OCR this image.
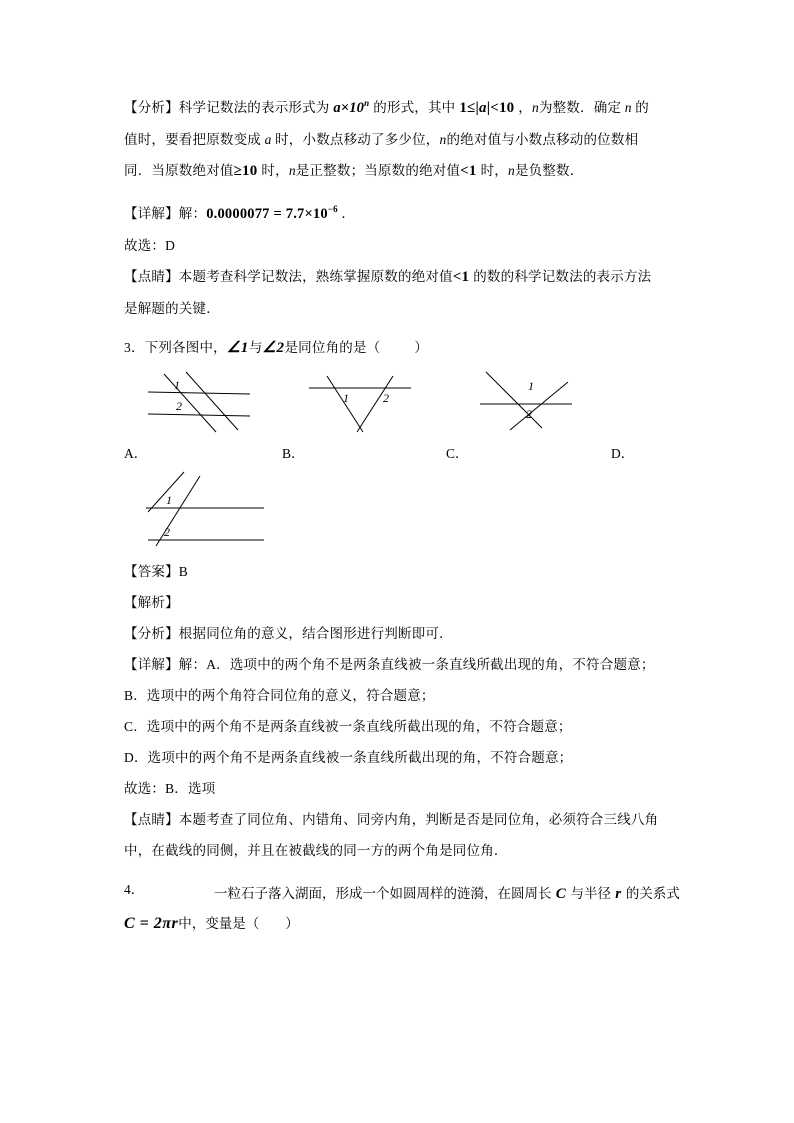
【分析】科学记数法的表示形式为 $a\times 10^n$ 的形式，其中 1≤|a|<10 ，n为整数．确定 n 的
值时，要看把原数变成 a 时，小数点移动了多少位，n的绝对值与小数点移动的位数相
同．当原数绝对值≥10 时，n是正整数；当原数的绝对值<1 时，n是负整数．
【详解】解：$0.0000077 = 7.7\times 10^{-6}$ ．
故选：D
【点睛】本题考查科学记数法，熟练掌握原数的绝对值<1 的数的科学记数法的表示方法
是解题的关键．
3．下列各图中，∠1与∠2是同位角的是（	）
1
2
A．
1	2
B．
1
2
C．	D．
1
2
【答案】B
【解析】
【分析】根据同位角的意义，结合图形进行判断即可．
【详解】解：A．选项中的两个角不是两条直线被一条直线所截出现的角，不符合题意；
B．选项中的两个角符合同位角的意义，符合题意；
C．选项中的两个角不是两条直线被一条直线所截出现的角，不符合题意；
D．选项中的两个角不是两条直线被一条直线所截出现的角，不符合题意；
故选：B．选项
【点睛】本题考查了同位角、内错角、同旁内角，判断是否是同位角，必须符合三线八角
中，在截线的同侧，并且在被截线的同一方的两个角是同位角．
4．	一粒石子落入湖面，形成一个如圆周样的涟漪，在圆周长 C 与半径 r 的关系式
C = 2πr中，变量是（ ）
